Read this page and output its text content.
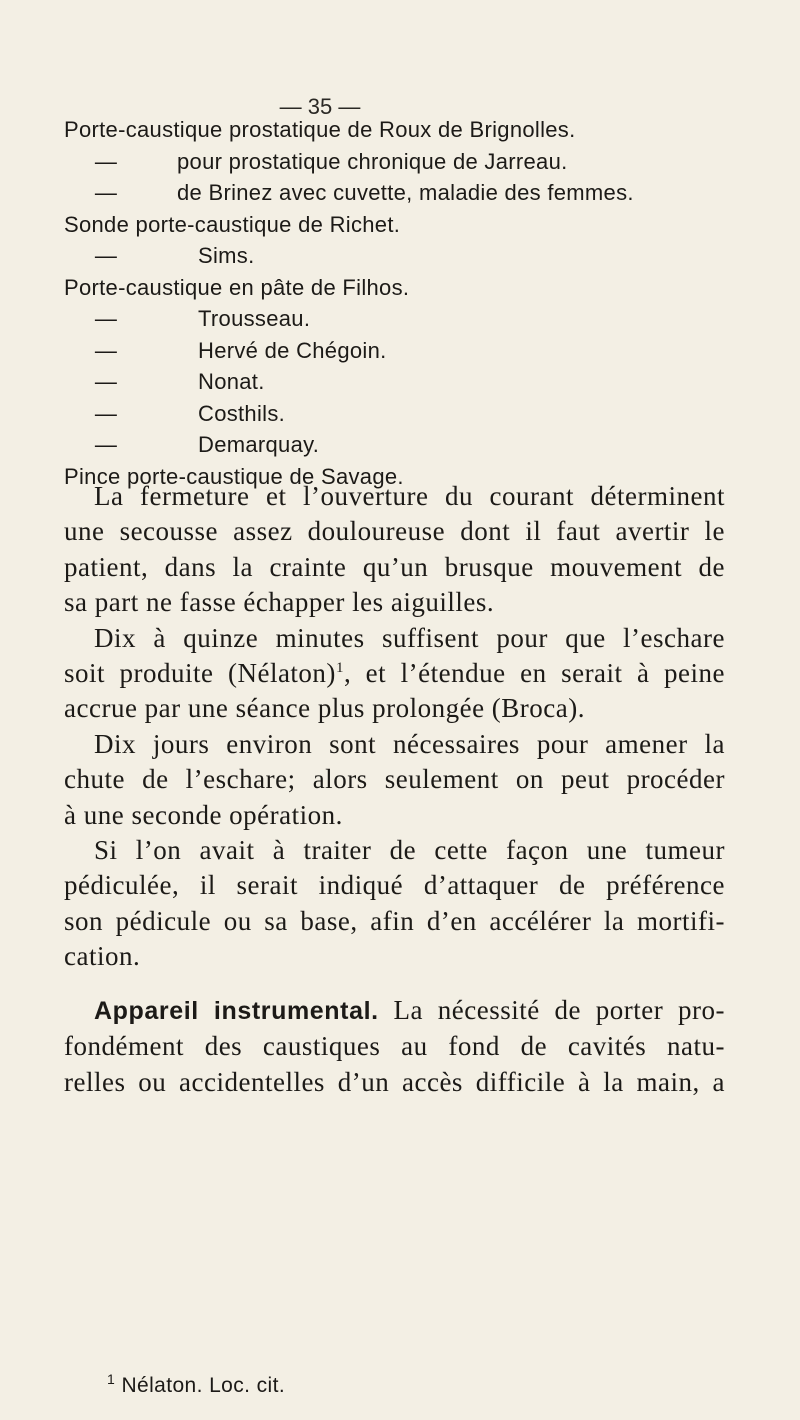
— 35 —
Porte-caustique prostatique de Roux de Brignolles.
—	pour prostatique chronique de Jarreau.
—	de Brinez avec cuvette, maladie des femmes.
Sonde porte-caustique de Richet.
—	Sims.
Porte-caustique en pâte de Filhos.
—	Trousseau.
—	Hervé de Chégoin.
—	Nonat.
—	Costhils.
—	Demarquay.
Pince porte-caustique de Savage.

La fermeture et l’ouverture du courant déterminent
une secousse assez douloureuse dont il faut avertir le
patient, dans la crainte qu’un brusque mouvement de
sa part ne fasse échapper les aiguilles.

Dix à quinze minutes suffisent pour que l’eschare
soit produite (Nélaton)$^1$, et l’étendue en serait à peine
accrue par une séance plus prolongée (Broca).

Dix jours environ sont nécessaires pour amener la
chute de l’eschare; alors seulement on peut procéder
à une seconde opération.

Si l’on avait à traiter de cette façon une tumeur
pédiculée, il serait indiqué d’attaquer de préférence
son pédicule ou sa base, afin d’en accélérer la mortifi-
cation.

Appareil instrumental. La nécessité de porter pro-
fondément des caustiques au fond de cavités natu-
relles ou accidentelles d’un accès difficile à la main, a

$^1$ Nélaton. Loc. cit.
